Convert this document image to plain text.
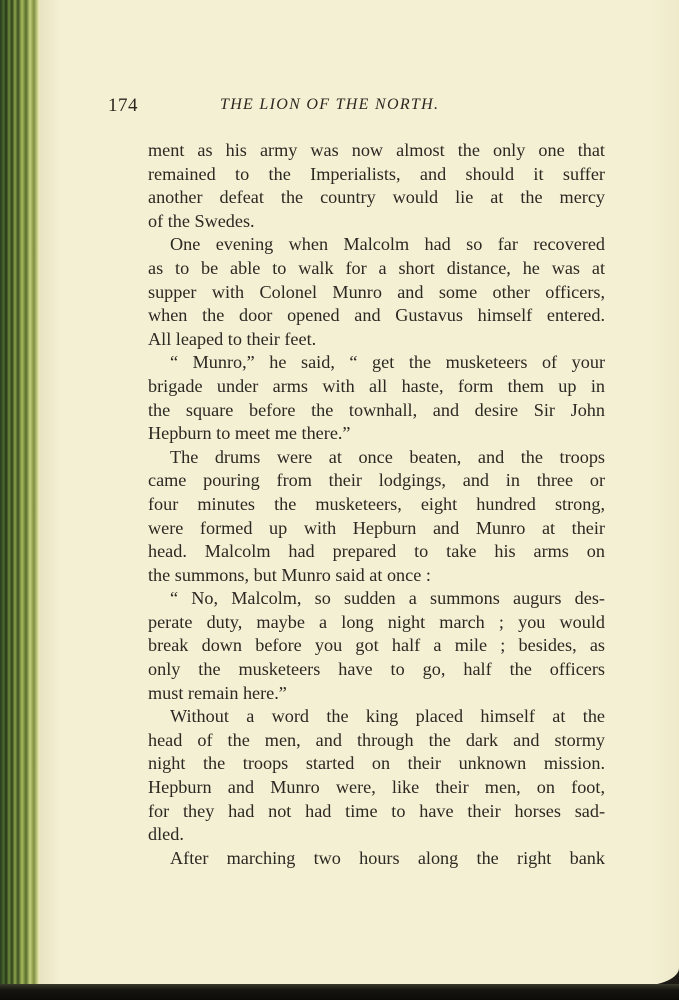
174	THE LION OF THE NORTH.
ment as his army was now almost the only one that
remained to the Imperialists, and should it suffer
another defeat the country would lie at the mercy
of the Swedes.
One evening when Malcolm had so far recovered
as to be able to walk for a short distance, he was at
supper with Colonel Munro and some other officers,
when the door opened and Gustavus himself entered.
All leaped to their feet.
“ Munro,” he said, “ get the musketeers of your
brigade under arms with all haste, form them up in
the square before the townhall, and desire Sir John
Hepburn to meet me there.”
The drums were at once beaten, and the troops
came pouring from their lodgings, and in three or
four minutes the musketeers, eight hundred strong,
were formed up with Hepburn and Munro at their
head. Malcolm had prepared to take his arms on
the summons, but Munro said at once :
“ No, Malcolm, so sudden a summons augurs des-
perate duty, maybe a long night march ; you would
break down before you got half a mile ; besides, as
only the musketeers have to go, half the officers
must remain here.”
Without a word the king placed himself at the
head of the men, and through the dark and stormy
night the troops started on their unknown mission.
Hepburn and Munro were, like their men, on foot,
for they had not had time to have their horses sad-
dled.
After marching two hours along the right bank
